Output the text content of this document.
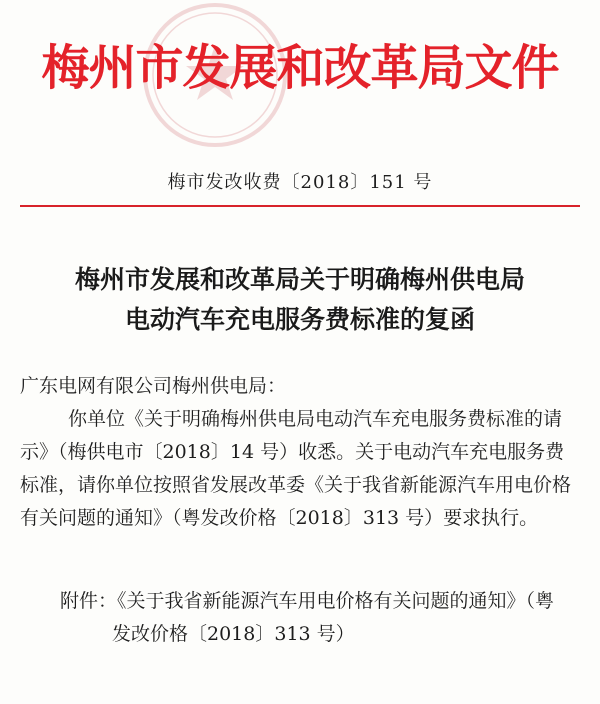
梅州市发展和改革局文件
梅市发改收费〔2018〕151 号
梅州市发展和改革局关于明确梅州供电局
电动汽车充电服务费标准的复函
广东电网有限公司梅州供电局：
你单位《关于明确梅州供电局电动汽车充电服务费标准的请示》（梅供电市〔2018〕14 号）收悉。关于电动汽车充电服务费标准，请你单位按照省发展改革委《关于我省新能源汽车用电价格有关问题的通知》（粤发改价格〔2018〕313 号）要求执行。
附件：《关于我省新能源汽车用电价格有关问题的通知》（粤
发改价格〔2018〕313 号）
